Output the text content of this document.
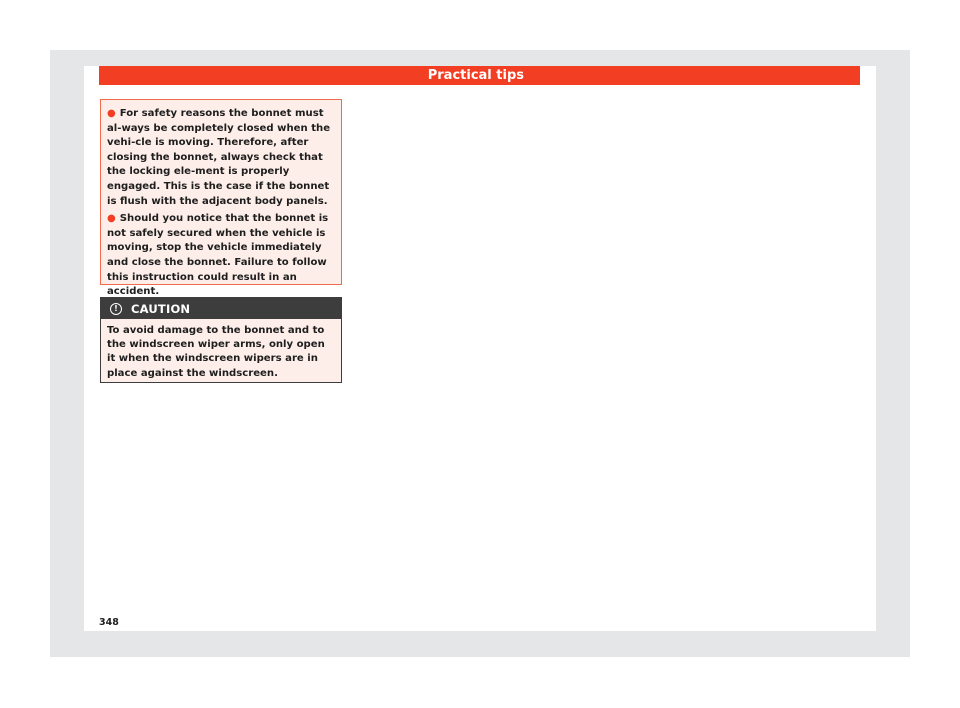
Practical tips
● For safety reasons the bonnet must al-ways be completely closed when the vehi-cle is moving. Therefore, after closing the bonnet, always check that the locking ele-ment is properly engaged. This is the case if the bonnet is flush with the adjacent body panels.
● Should you notice that the bonnet is not safely secured when the vehicle is moving, stop the vehicle immediately and close the bonnet. Failure to follow this instruction could result in an accident.
!	CAUTION
To avoid damage to the bonnet and to the windscreen wiper arms, only open it when the windscreen wipers are in place against the windscreen.
348
